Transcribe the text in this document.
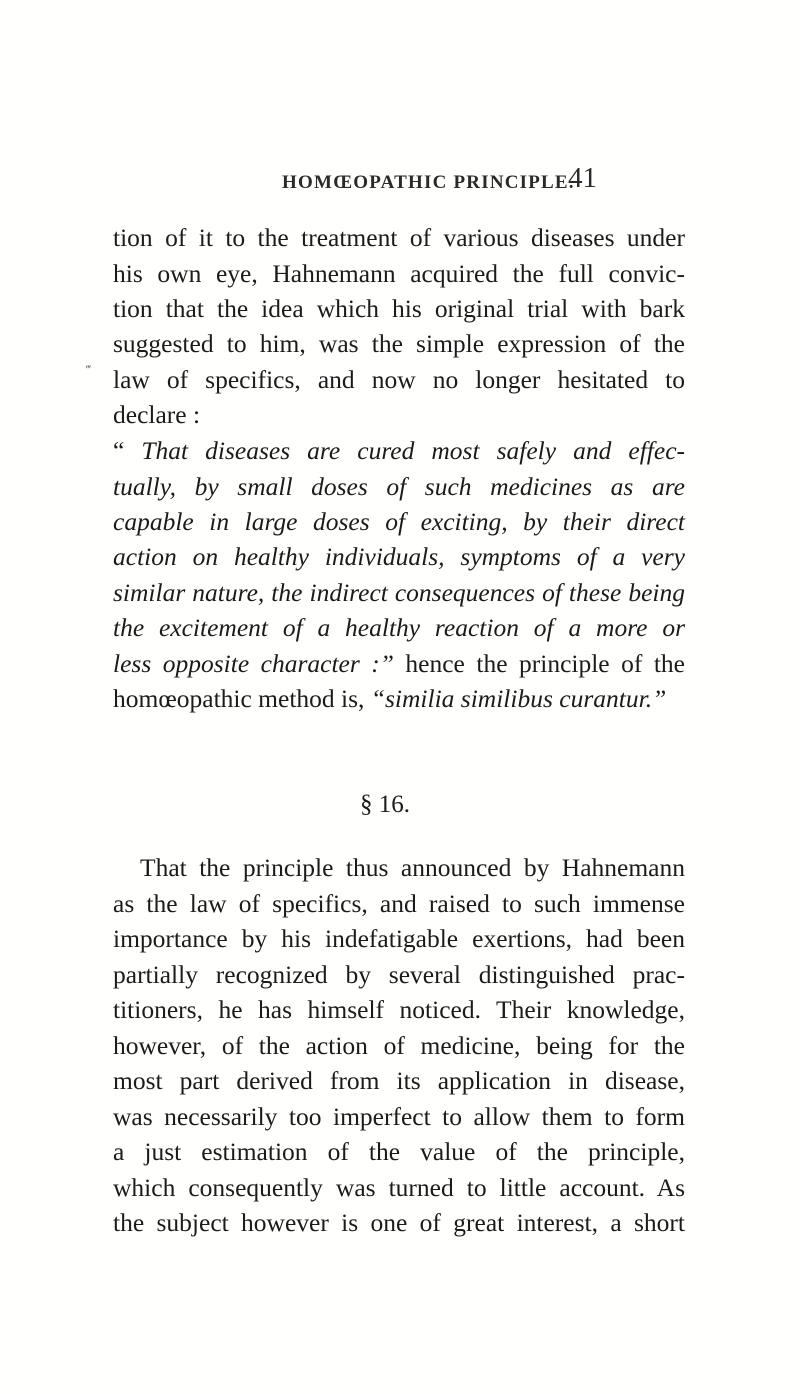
HOMŒOPATHIC PRINCIPLE.
41
‴
tion of it to the treatment of various diseases under
his own eye, Hahnemann acquired the full convic-
tion that the idea which his original trial with bark
suggested to him, was the simple expression of the
law of specifics, and now no longer hesitated to
declare :
“ That diseases are cured most safely and effec-
tually, by small doses of such medicines as are
capable in large doses of exciting, by their direct
action on healthy individuals, symptoms of a very
similar nature, the indirect consequences of these being
the excitement of a healthy reaction of a more or
less opposite character :” hence the principle of the
homœopathic method is, “similia similibus curantur.”
§ 16.
That the principle thus announced by Hahnemann
as the law of specifics, and raised to such immense
importance by his indefatigable exertions, had been
partially recognized by several distinguished prac-
titioners, he has himself noticed. Their knowledge,
however, of the action of medicine, being for the
most part derived from its application in disease,
was necessarily too imperfect to allow them to form
a just estimation of the value of the principle,
which consequently was turned to little account. As
the subject however is one of great interest, a short
